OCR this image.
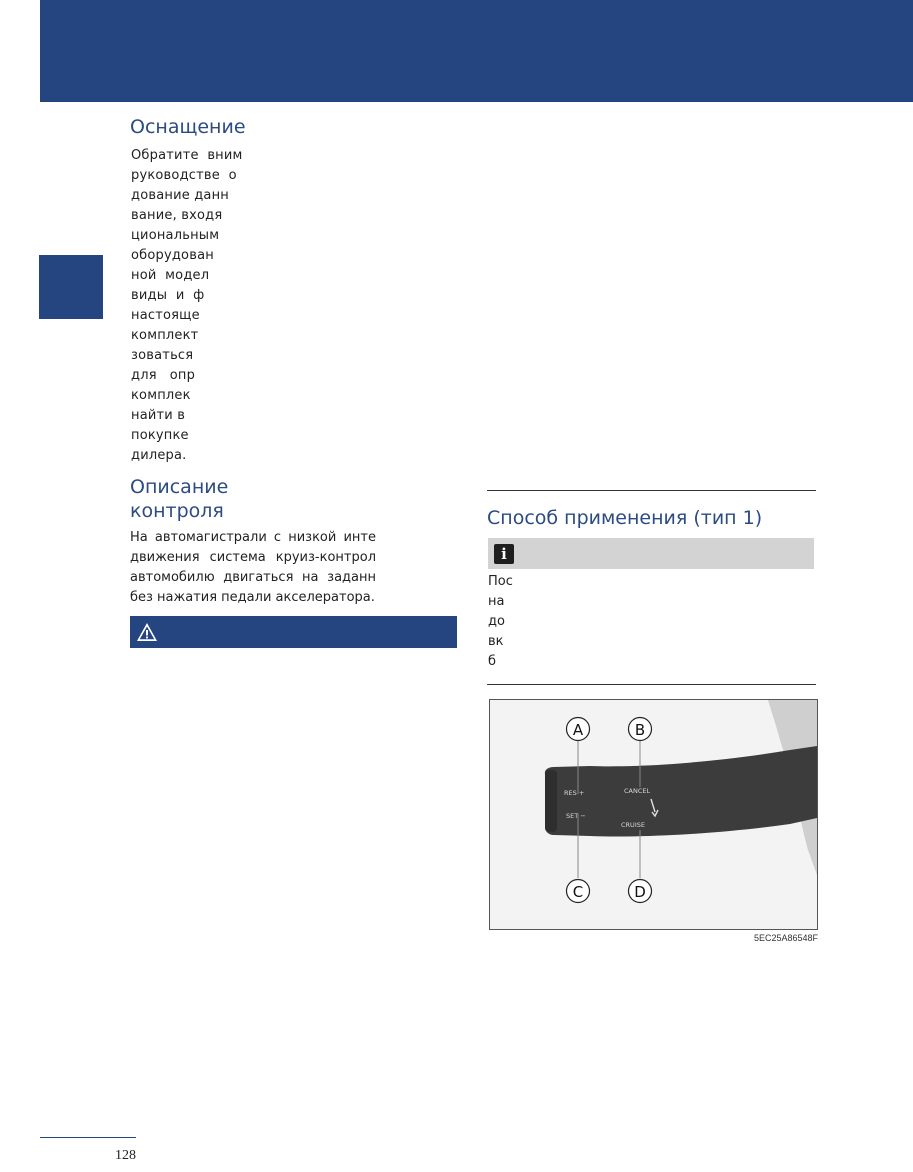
Оснащение
Обратите  вним
руководстве  о
дование данн
вание, входя
циональным
оборудован
ной  модел
виды  и  ф
настояще
комплект
зоваться
для   опр
комплек
найти в
покупке
дилера.
Описание
контроля
На автомагистрали с низкой инте
движения система круиз-контрол
автомобилю двигаться на заданн
без нажатия педали акселератора.
Способ применения (тип 1)
i
Пос
на
до
вк
б
RES +
SET −
CANCEL
CRUISE
A	B
C	D
5EC25A86548F
128
